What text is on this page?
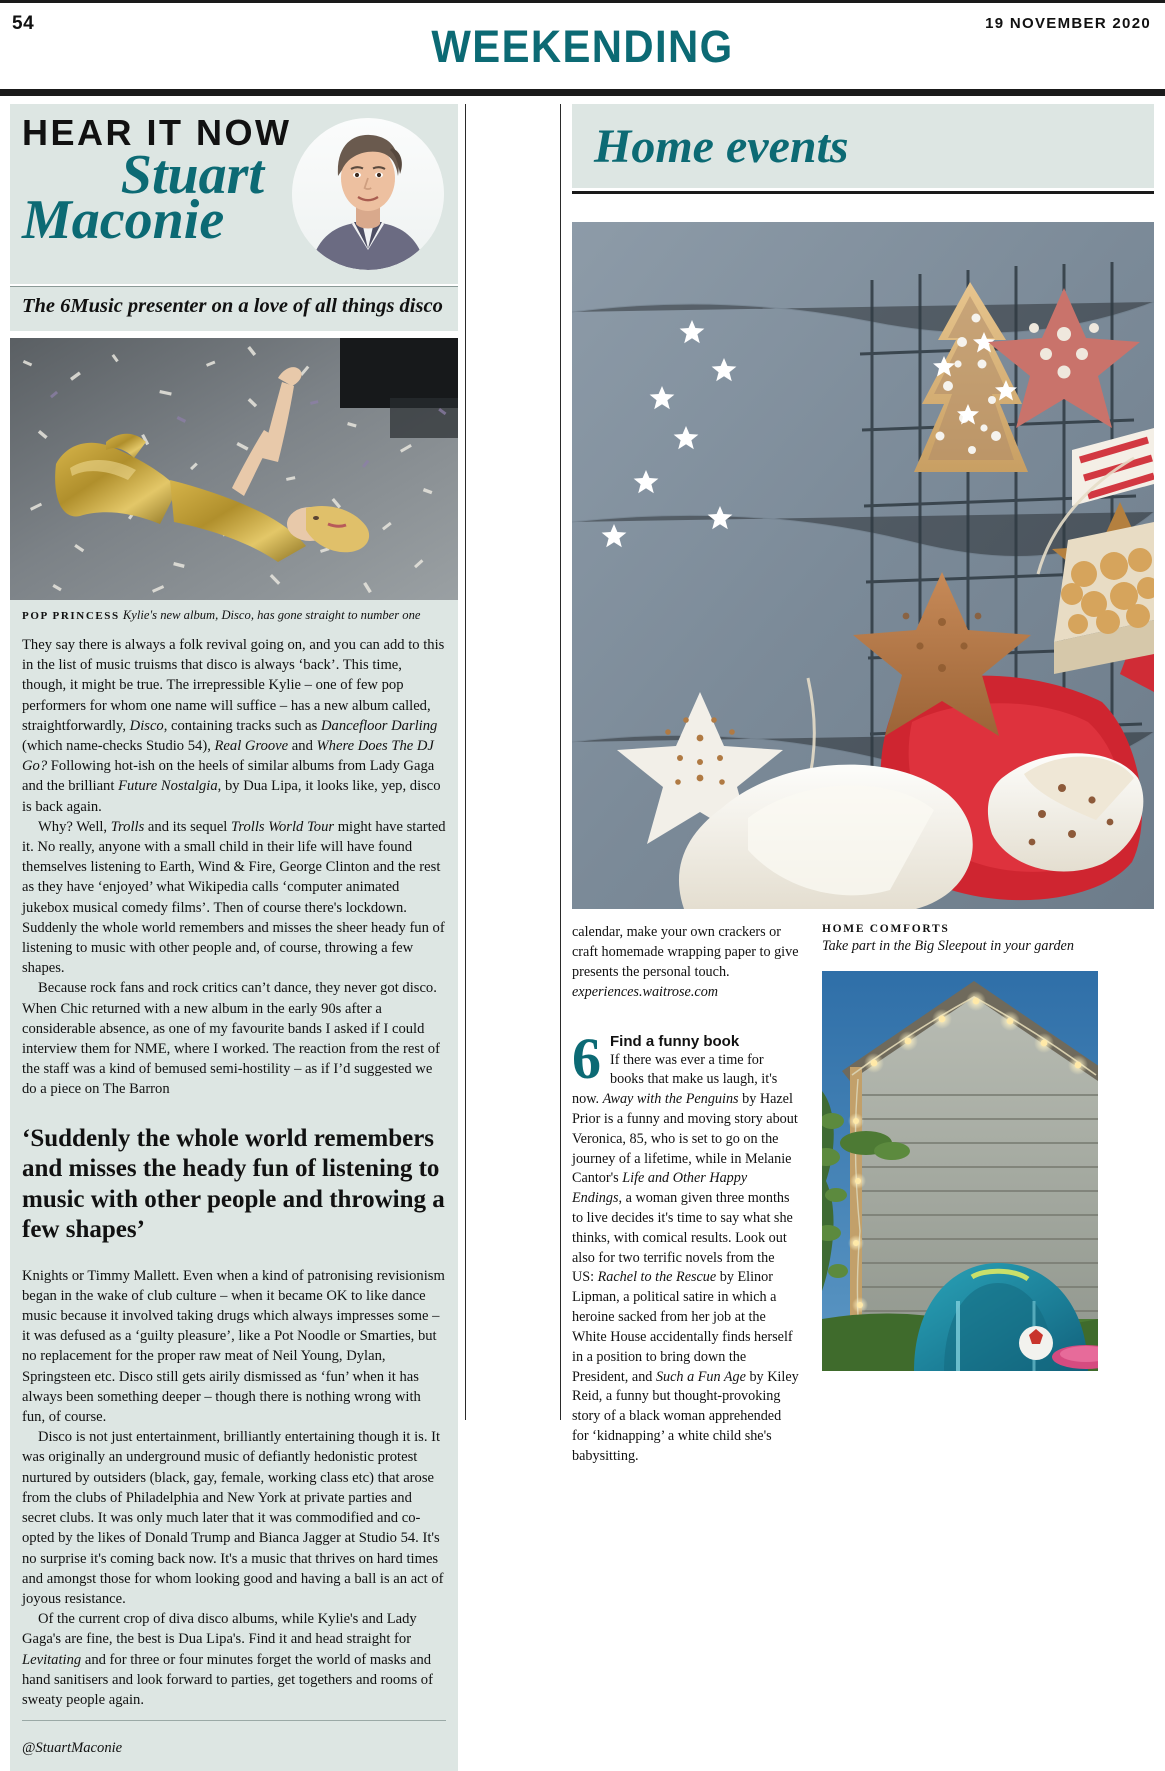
54	WEEKENDING	19 NOVEMBER 2020
HEAR IT NOW
Stuart
Maconie
The 6Music presenter on a love of all things disco
POP PRINCESS Kylie's new album, Disco, has gone straight to number one

They say there is always a folk revival going on, and you can add to this in the list of music truisms that disco is always ‘back’. This time, though, it might be true. The irrepressible Kylie – one of few pop performers for whom one name will suffice – has a new album called, straightforwardly, Disco, containing tracks such as Dancefloor Darling (which name-checks Studio 54), Real Groove and Where Does The DJ Go? Following hot-ish on the heels of similar albums from Lady Gaga and the brilliant Future Nostalgia, by Dua Lipa, it looks like, yep, disco is back again.

Why? Well, Trolls and its sequel Trolls World Tour might have started it. No really, anyone with a small child in their life will have found themselves listening to Earth, Wind & Fire, George Clinton and the rest as they have ‘enjoyed’ what Wikipedia calls ‘computer animated jukebox musical comedy films’. Then of course there's lockdown. Suddenly the whole world remembers and misses the sheer heady fun of listening to music with other people and, of course, throwing a few shapes.

Because rock fans and rock critics can’t dance, they never got disco. When Chic returned with a new album in the early 90s after a considerable absence, as one of my favourite bands I asked if I could interview them for NME, where I worked. The reaction from the rest of the staff was a kind of bemused semi-hostility – as if I’d suggested we do a piece on The Barron

‘Suddenly the whole world remembers and misses the heady fun of listening to music with other people and throwing a few shapes’

Knights or Timmy Mallett. Even when a kind of patronising revisionism began in the wake of club culture – when it became OK to like dance music because it involved taking drugs which always impresses some – it was defused as a ‘guilty pleasure’, like a Pot Noodle or Smarties, but no replacement for the proper raw meat of Neil Young, Dylan, Springsteen etc. Disco still gets airily dismissed as ‘fun’ when it has always been something deeper – though there is nothing wrong with fun, of course.

Disco is not just entertainment, brilliantly entertaining though it is. It was originally an underground music of defiantly hedonistic protest nurtured by outsiders (black, gay, female, working class etc) that arose from the clubs of Philadelphia and New York at private parties and secret clubs. It was only much later that it was commodified and co-opted by the likes of Donald Trump and Bianca Jagger at Studio 54. It's no surprise it's coming back now. It's a music that thrives on hard times and amongst those for whom looking good and having a ball is an act of joyous resistance.

Of the current crop of diva disco albums, while Kylie's and Lady Gaga's are fine, the best is Dua Lipa's. Find it and head straight for Levitating and for three or four minutes forget the world of masks and hand sanitisers and look forward to parties, get togethers and rooms of sweaty people again.

@StuartMaconie
Home events
calendar, make your own crackers or craft homemade wrapping paper to give presents the personal touch. experiences.waitrose.com
6 Find a funny book
If there was ever a time for books that make us laugh, it's now. Away with the Penguins by Hazel Prior is a funny and moving story about Veronica, 85, who is set to go on the journey of a lifetime, while in Melanie Cantor's Life and Other Happy Endings, a woman given three months to live decides it's time to say what she thinks, with comical results. Look out also for two terrific novels from the US: Rachel to the Rescue by Elinor Lipman, a political satire in which a heroine sacked from her job at the White House accidentally finds herself in a position to bring down the President, and Such a Fun Age by Kiley Reid, a funny but thought-provoking story of a black woman apprehended for ‘kidnapping’ a white child she's babysitting.
HOME COMFORTS
Take part in the Big Sleepout in your garden
